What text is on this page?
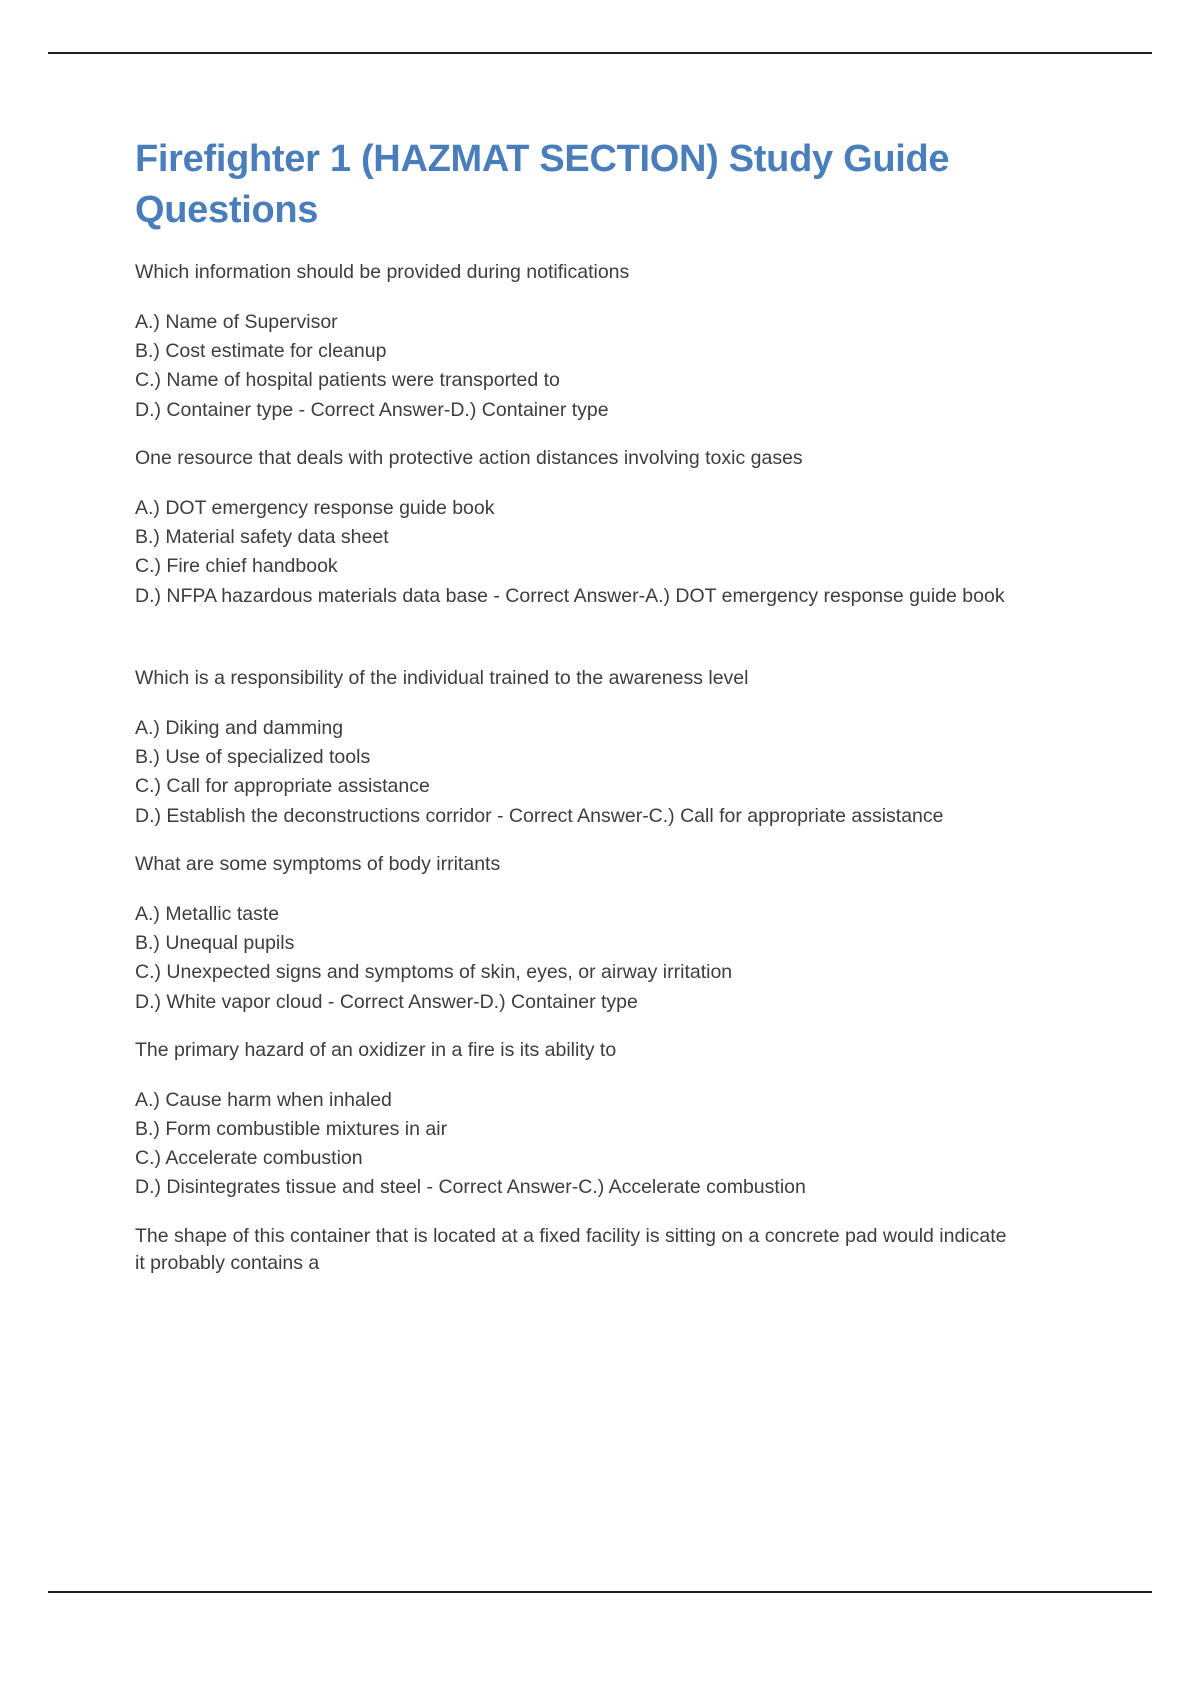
Firefighter 1 (HAZMAT SECTION) Study Guide Questions

Which information should be provided during notifications

A.) Name of Supervisor
B.) Cost estimate for cleanup
C.) Name of hospital patients were transported to
D.) Container type - Correct Answer-D.) Container type

One resource that deals with protective action distances involving toxic gases

A.) DOT emergency response guide book
B.) Material safety data sheet
C.) Fire chief handbook
D.) NFPA hazardous materials data base - Correct Answer-A.) DOT emergency response guide book

Which is a responsibility of the individual trained to the awareness level

A.) Diking and damming
B.) Use of specialized tools
C.) Call for appropriate assistance
D.) Establish the deconstructions corridor - Correct Answer-C.) Call for appropriate assistance

What are some symptoms of body irritants

A.) Metallic taste
B.) Unequal pupils
C.) Unexpected signs and symptoms of skin, eyes, or airway irritation
D.) White vapor cloud - Correct Answer-D.) Container type

The primary hazard of an oxidizer in a fire is its ability to

A.) Cause harm when inhaled
B.) Form combustible mixtures in air
C.) Accelerate combustion
D.) Disintegrates tissue and steel - Correct Answer-C.) Accelerate combustion

The shape of this container that is located at a fixed facility is sitting on a concrete pad would indicate it probably contains a
